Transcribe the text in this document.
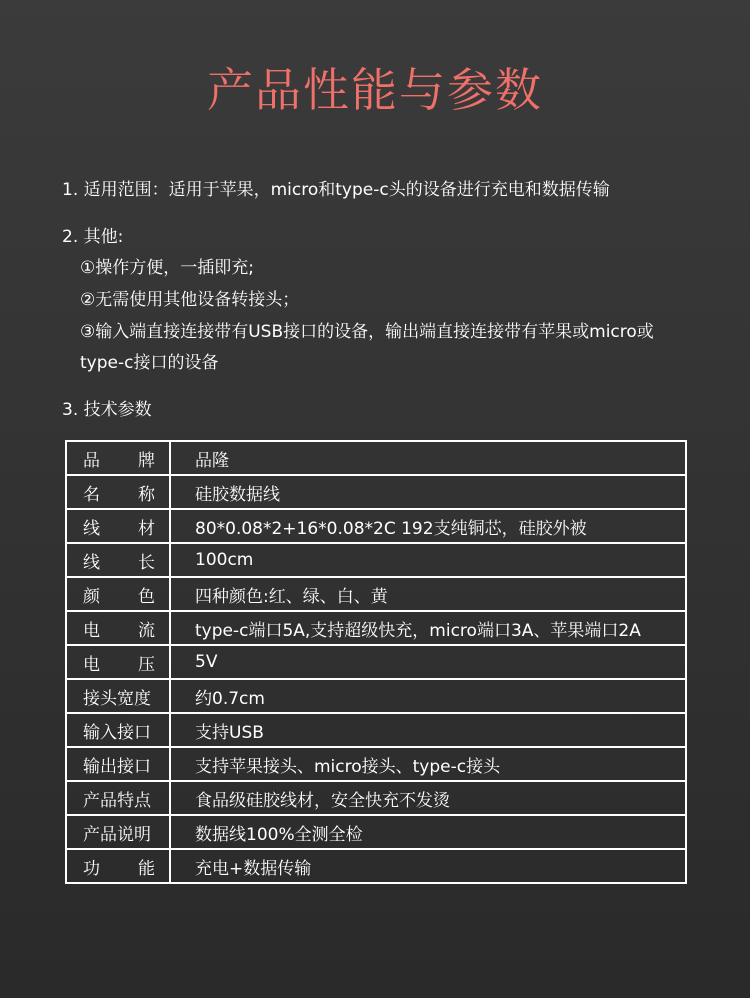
产品性能与参数
1. 适用范围：适用于苹果，micro和type-c头的设备进行充电和数据传输
2. 其他:
①操作方便，一插即充;
②无需使用其他设备转接头；
③输入端直接连接带有USB接口的设备，输出端直接连接带有苹果或micro或
type-c接口的设备
3. 技术参数
品 牌	品隆

名 称	硅胶数据线

线 材	80*0.08*2+16*0.08*2C 192支纯铜芯，硅胶外被

线 长	100cm

颜 色	四种颜色:红、绿、白、黄

电 流	type-c端口5A,支持超级快充，micro端口3A、苹果端口2A

电 压	5V
接头宽度	约0.7cm
输入接口	支持USB
输出接口	支持苹果接头、micro接头、type-c接头
产品特点	食品级硅胶线材，安全快充不发烫
产品说明	数据线100%全测全检

功 能	充电+数据传输
